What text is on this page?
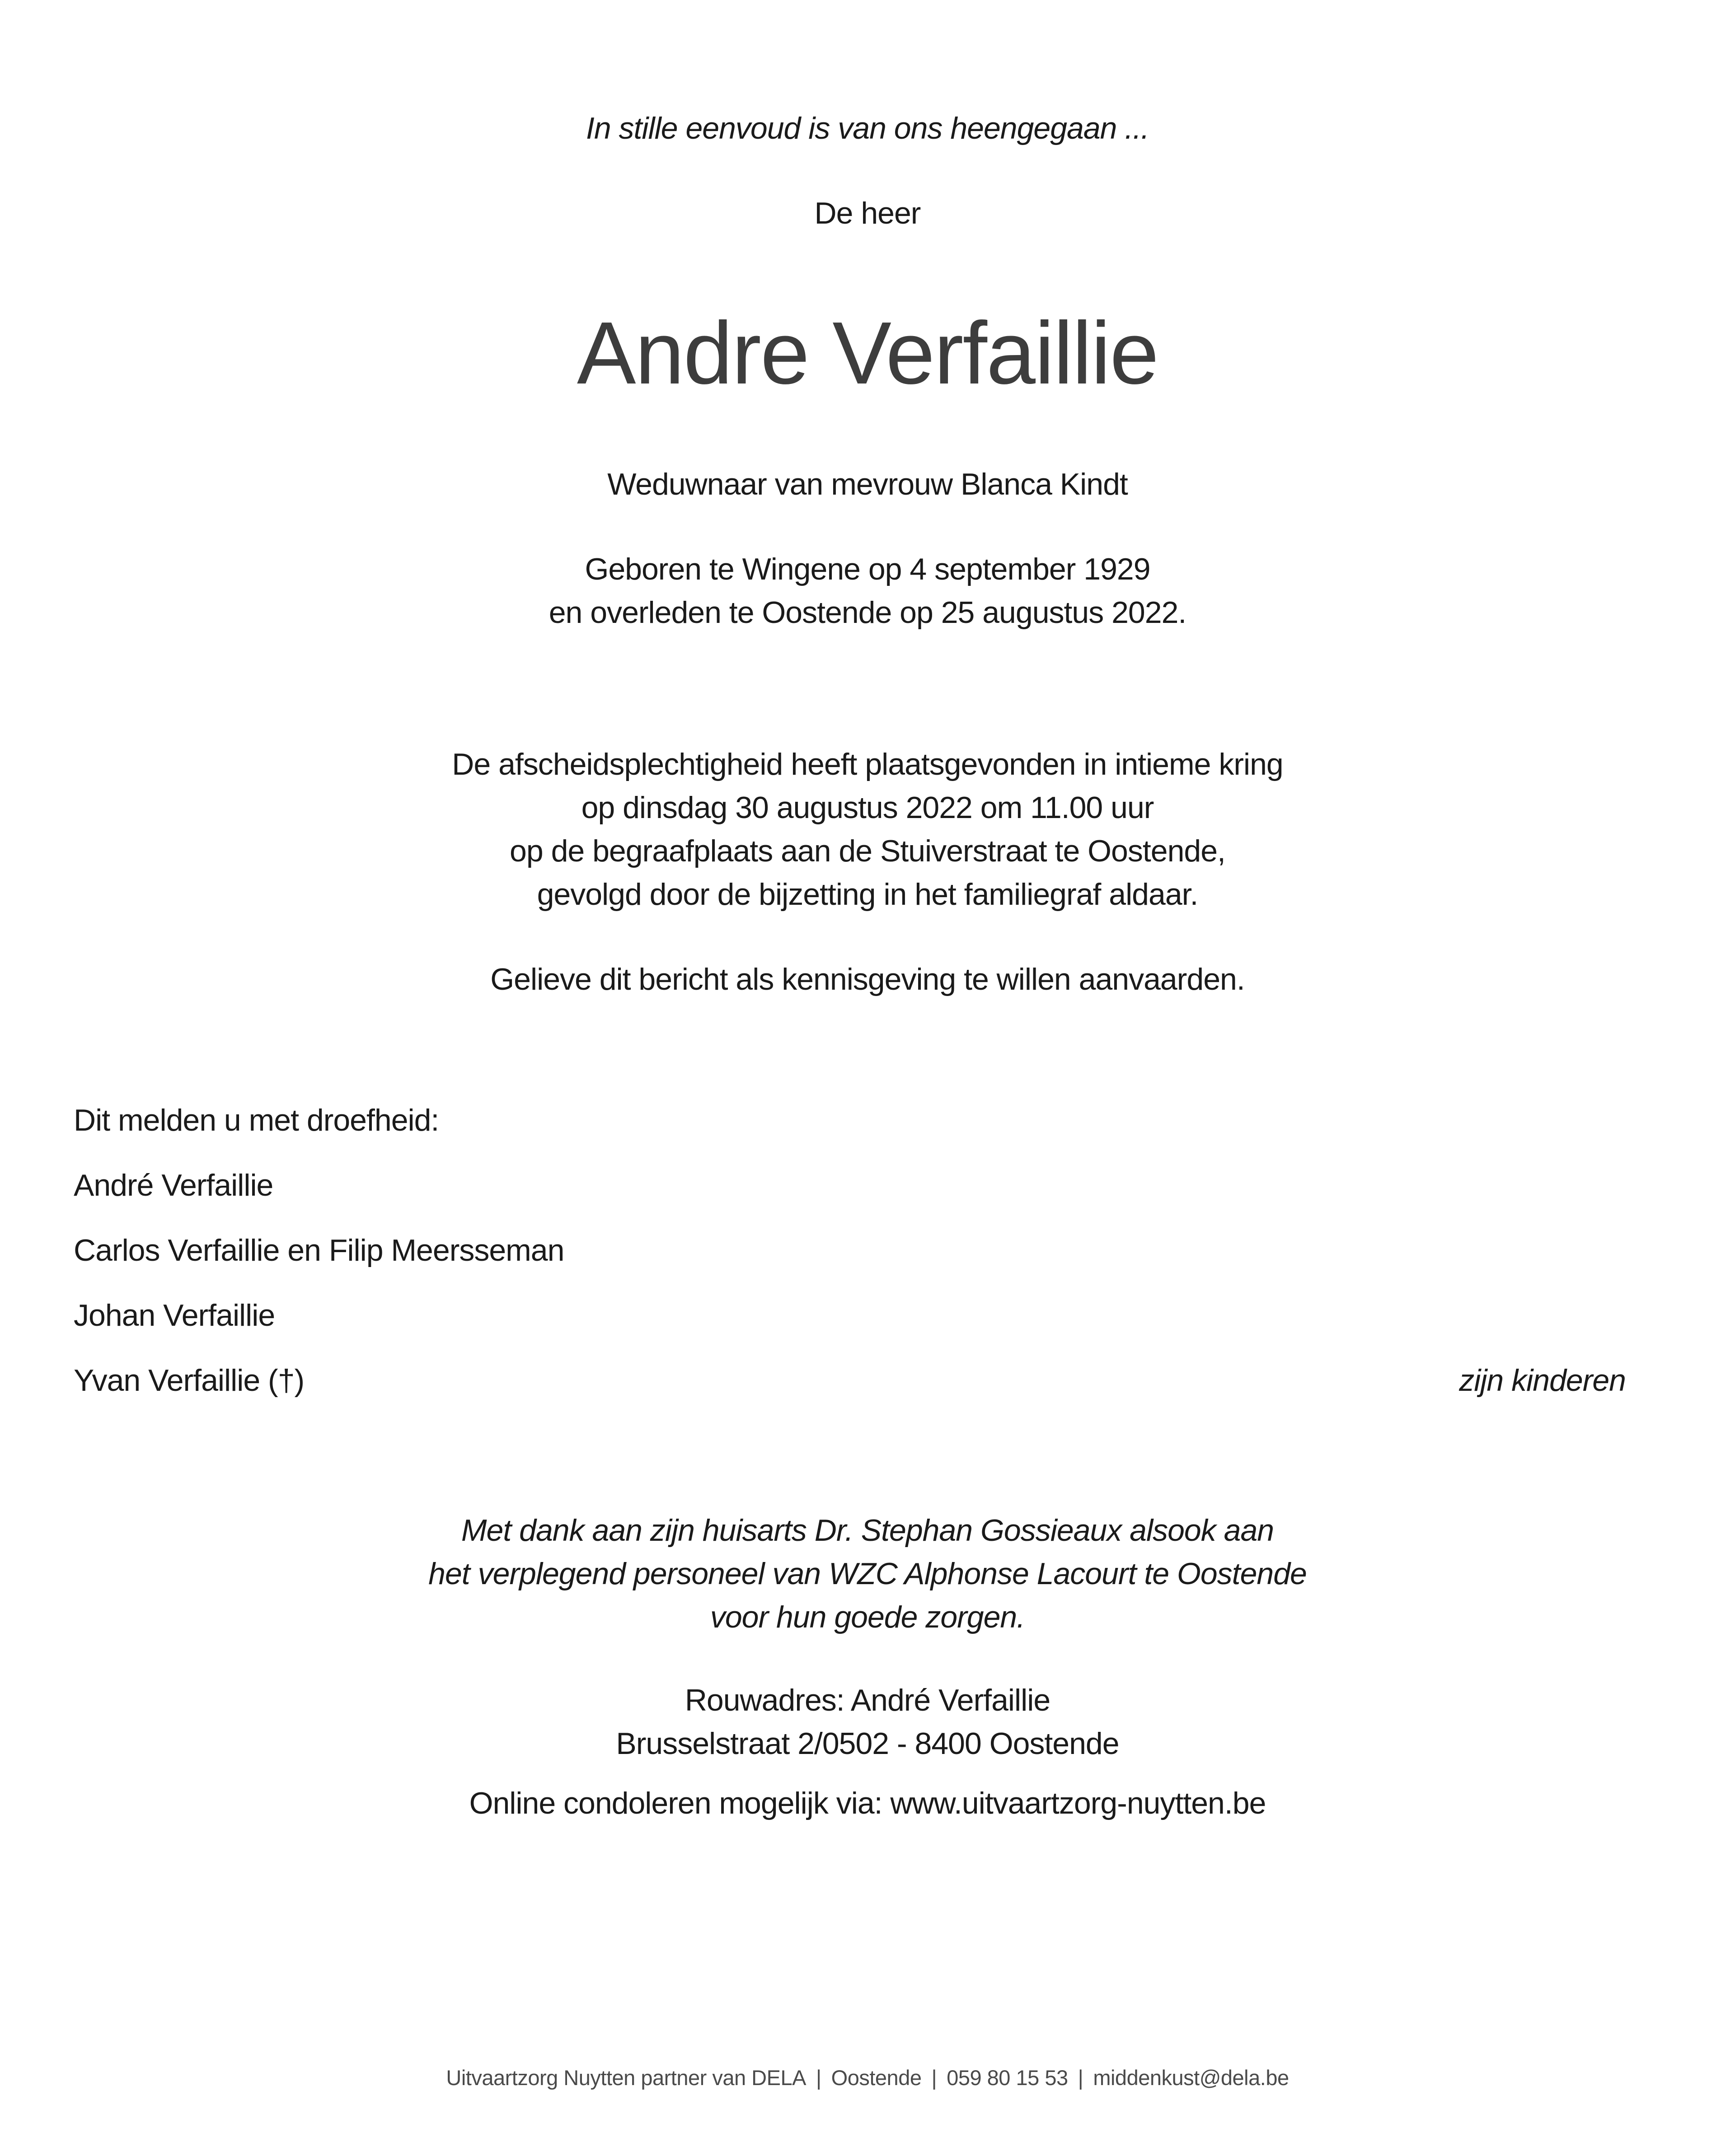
In stille eenvoud is van ons heengegaan ...
De heer
Andre Verfaillie
Weduwnaar van mevrouw Blanca Kindt
Geboren te Wingene op 4 september 1929
en overleden te Oostende op 25 augustus 2022.
De afscheidsplechtigheid heeft plaatsgevonden in intieme kring
op dinsdag 30 augustus 2022 om 11.00 uur
op de begraafplaats aan de Stuiverstraat te Oostende,
gevolgd door de bijzetting in het familiegraf aldaar.
Gelieve dit bericht als kennisgeving te willen aanvaarden.
Dit melden u met droefheid:
André Verfaillie
Carlos Verfaillie en Filip Meersseman
Johan Verfaillie
Yvan Verfaillie (†)	zijn kinderen
Met dank aan zijn huisarts Dr. Stephan Gossieaux alsook aan
het verplegend personeel van WZC Alphonse Lacourt te Oostende
voor hun goede zorgen.
Rouwadres: André Verfaillie
Brusselstraat 2/0502 - 8400 Oostende
Online condoleren mogelijk via: www.uitvaartzorg-nuytten.be
Uitvaartzorg Nuytten partner van DELA | Oostende | 059 80 15 53 | middenkust@dela.be
